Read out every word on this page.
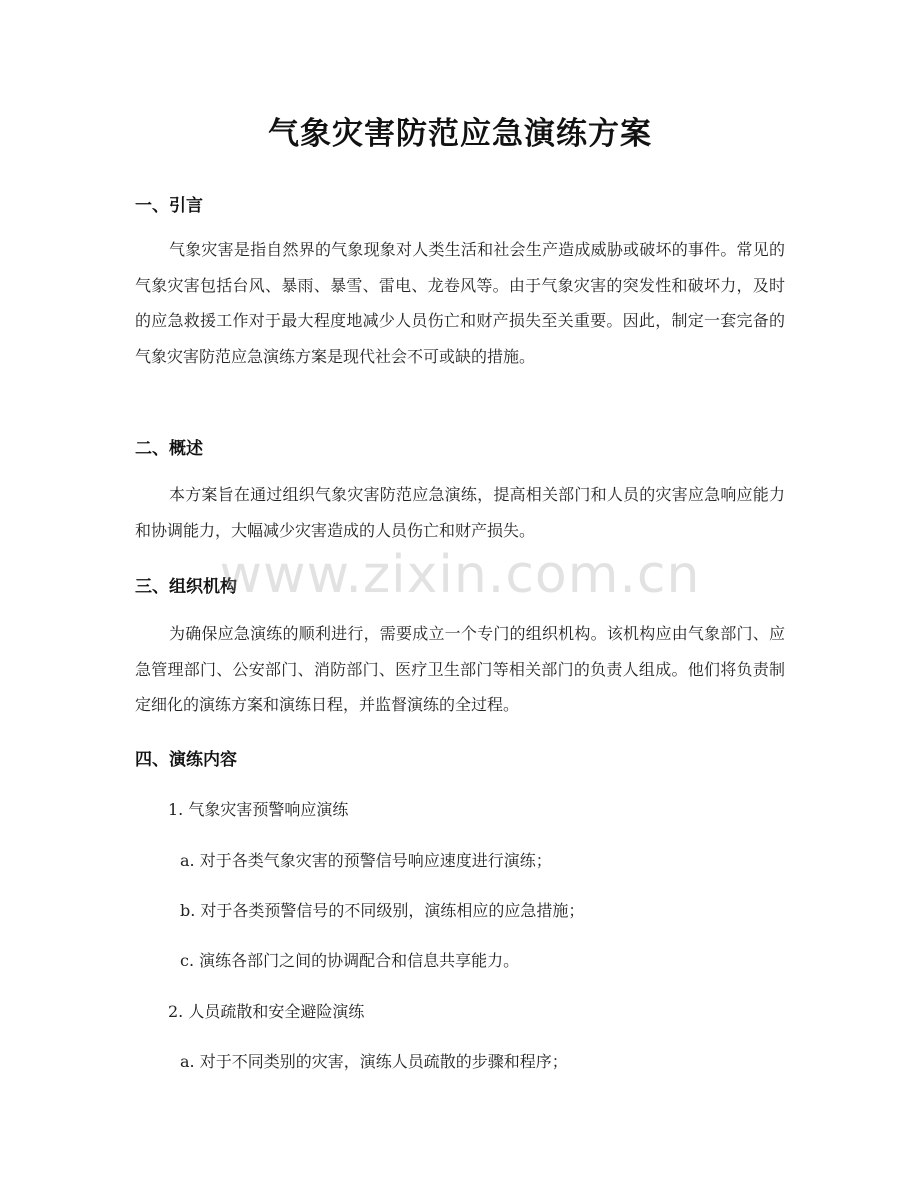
气象灾害防范应急演练方案
一、引言
气象灾害是指自然界的气象现象对人类生活和社会生产造成威胁或破坏的事件。常见的气象灾害包括台风、暴雨、暴雪、雷电、龙卷风等。由于气象灾害的突发性和破坏力，及时的应急救援工作对于最大程度地减少人员伤亡和财产损失至关重要。因此，制定一套完备的气象灾害防范应急演练方案是现代社会不可或缺的措施。
二、概述
本方案旨在通过组织气象灾害防范应急演练，提高相关部门和人员的灾害应急响应能力和协调能力，大幅减少灾害造成的人员伤亡和财产损失。
三、组织机构
为确保应急演练的顺利进行，需要成立一个专门的组织机构。该机构应由气象部门、应急管理部门、公安部门、消防部门、医疗卫生部门等相关部门的负责人组成。他们将负责制定细化的演练方案和演练日程，并监督演练的全过程。
四、演练内容
1. 气象灾害预警响应演练
a. 对于各类气象灾害的预警信号响应速度进行演练；
b. 对于各类预警信号的不同级别，演练相应的应急措施；
c. 演练各部门之间的协调配合和信息共享能力。
2. 人员疏散和安全避险演练
a. 对于不同类别的灾害，演练人员疏散的步骤和程序；
www.zixin.com.cn
